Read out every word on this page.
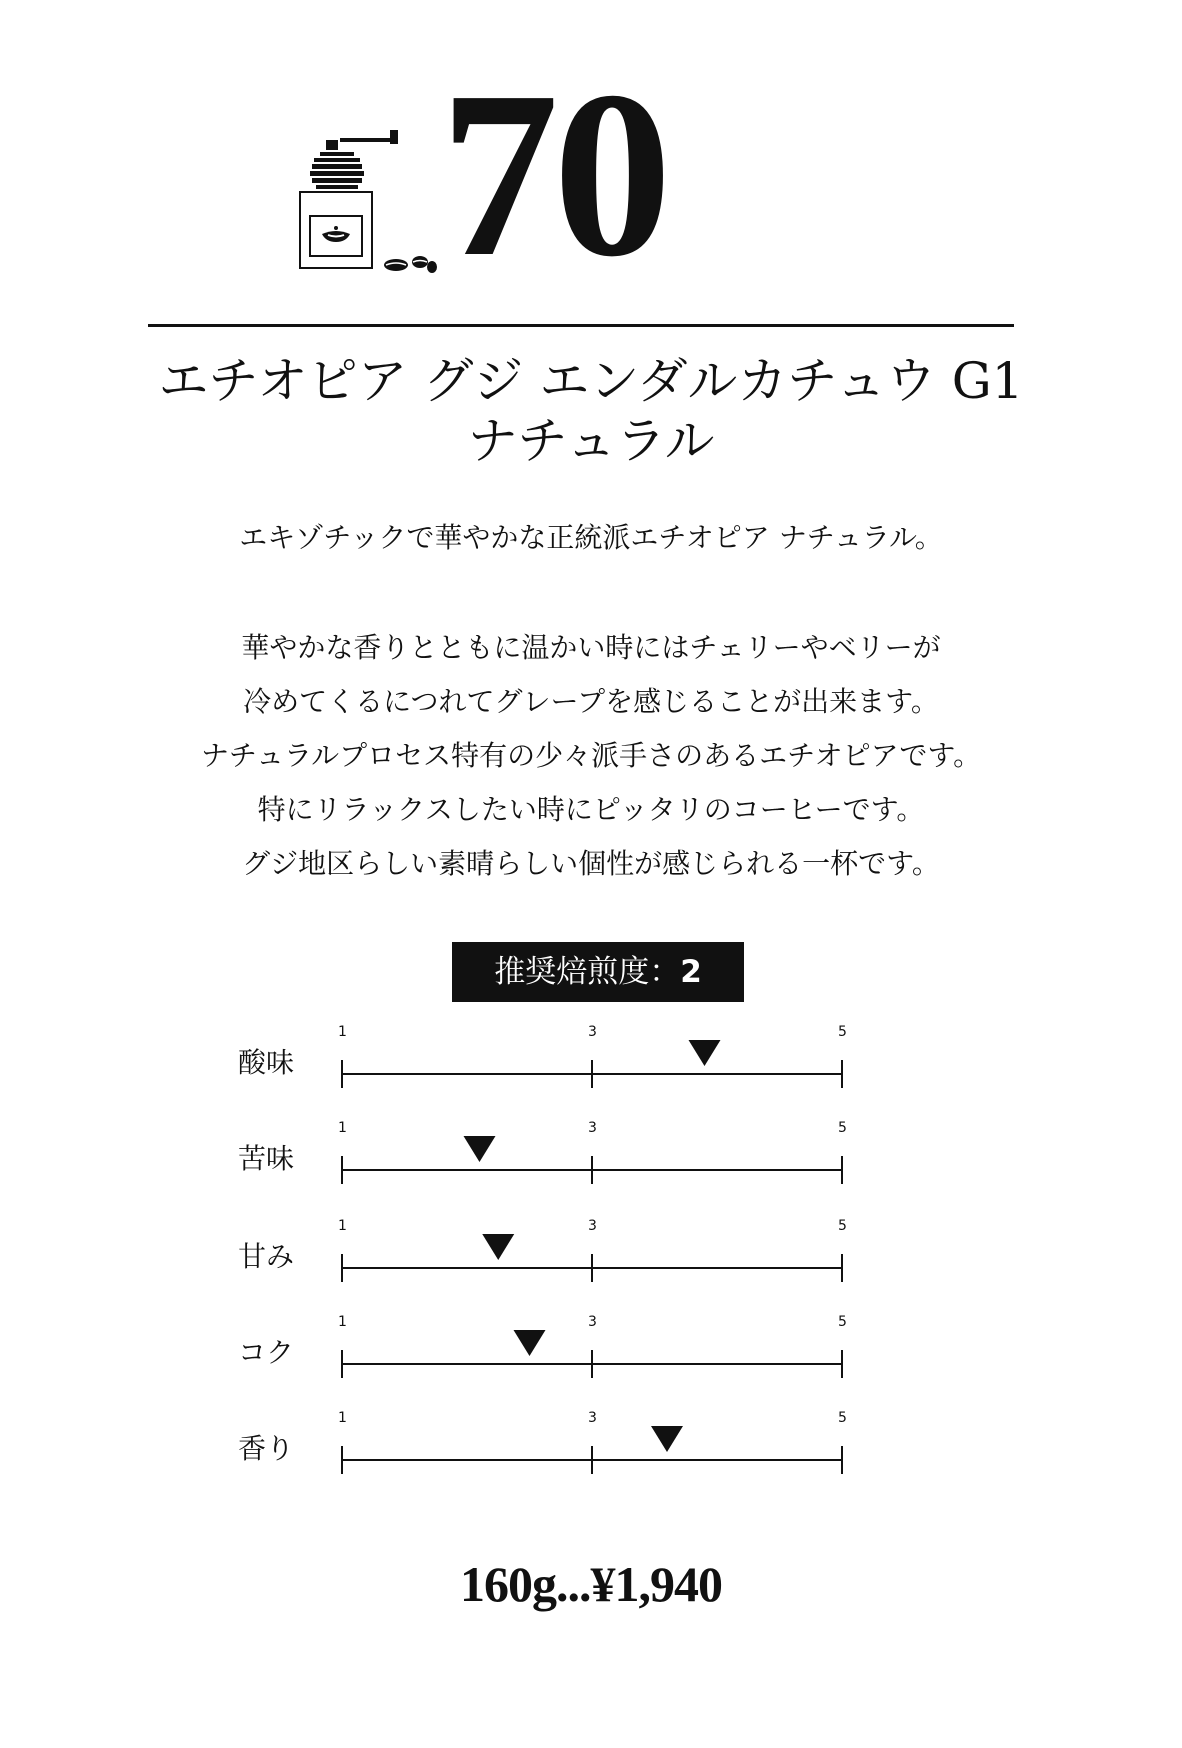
70
エチオピア グジ エンダルカチュウ G1
ナチュラル
エキゾチックで華やかな正統派エチオピア ナチュラル。
華やかな香りとともに温かい時にはチェリーやベリーが
冷めてくるにつれてグレープを感じることが出来ます。
ナチュラルプロセス特有の少々派手さのあるエチオピアです。
特にリラックスしたい時にピッタリのコーヒーです。
グジ地区らしい素晴らしい個性が感じられる一杯です。
推奨焙煎度：2
酸味
1	3	5
苦味
1	3	5
甘み
1	3	5
コク
1	3	5
香り
1	3	5
160g...¥1,940
